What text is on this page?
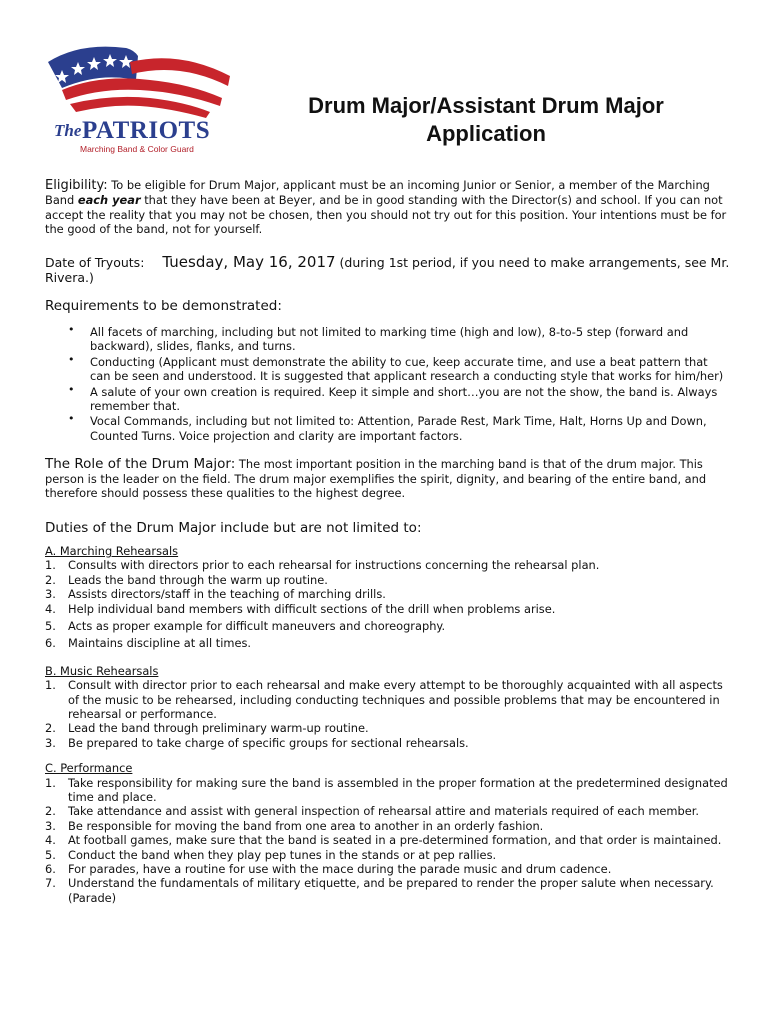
The PATRIOTS
Marching Band & Color Guard
Drum Major/Assistant Drum Major
Application

Eligibility: To be eligible for Drum Major, applicant must be an incoming Junior or Senior, a member of the Marching Band each year that they have been at Beyer, and be in good standing with the Director(s) and school. If you can not accept the reality that you may not be chosen, then you should not try out for this position. Your intentions must be for the good of the band, not for yourself.

Date of Tryouts: Tuesday, May 16, 2017 (during 1st period, if you need to make arrangements, see Mr. Rivera.)

Requirements to be demonstrated:

• All facets of marching, including but not limited to marking time (high and low), 8-to-5 step (forward and backward), slides, flanks, and turns.
• Conducting (Applicant must demonstrate the ability to cue, keep accurate time, and use a beat pattern that can be seen and understood. It is suggested that applicant research a conducting style that works for him/her)
• A salute of your own creation is required. Keep it simple and short…you are not the show, the band is. Always remember that.
• Vocal Commands, including but not limited to: Attention, Parade Rest, Mark Time, Halt, Horns Up and Down, Counted Turns. Voice projection and clarity are important factors.

The Role of the Drum Major: The most important position in the marching band is that of the drum major. This person is the leader on the field. The drum major exemplifies the spirit, dignity, and bearing of the entire band, and therefore should possess these qualities to the highest degree.

Duties of the Drum Major include but are not limited to:

A. Marching Rehearsals

1. Consults with directors prior to each rehearsal for instructions concerning the rehearsal plan.
2. Leads the band through the warm up routine.
3. Assists directors/staff in the teaching of marching drills.
4. Help individual band members with difficult sections of the drill when problems arise.
5. Acts as proper example for difficult maneuvers and choreography.
6. Maintains discipline at all times.

B. Music Rehearsals

1. Consult with director prior to each rehearsal and make every attempt to be thoroughly acquainted with all aspects of the music to be rehearsed, including conducting techniques and possible problems that may be encountered in rehearsal or performance.
2. Lead the band through preliminary warm-up routine.
3. Be prepared to take charge of specific groups for sectional rehearsals.

C. Performance

1. Take responsibility for making sure the band is assembled in the proper formation at the predetermined designated time and place.
2. Take attendance and assist with general inspection of rehearsal attire and materials required of each member.
3. Be responsible for moving the band from one area to another in an orderly fashion.
4. At football games, make sure that the band is seated in a pre-determined formation, and that order is maintained.
5. Conduct the band when they play pep tunes in the stands or at pep rallies.
6. For parades, have a routine for use with the mace during the parade music and drum cadence.
7. Understand the fundamentals of military etiquette, and be prepared to render the proper salute when necessary. (Parade)
